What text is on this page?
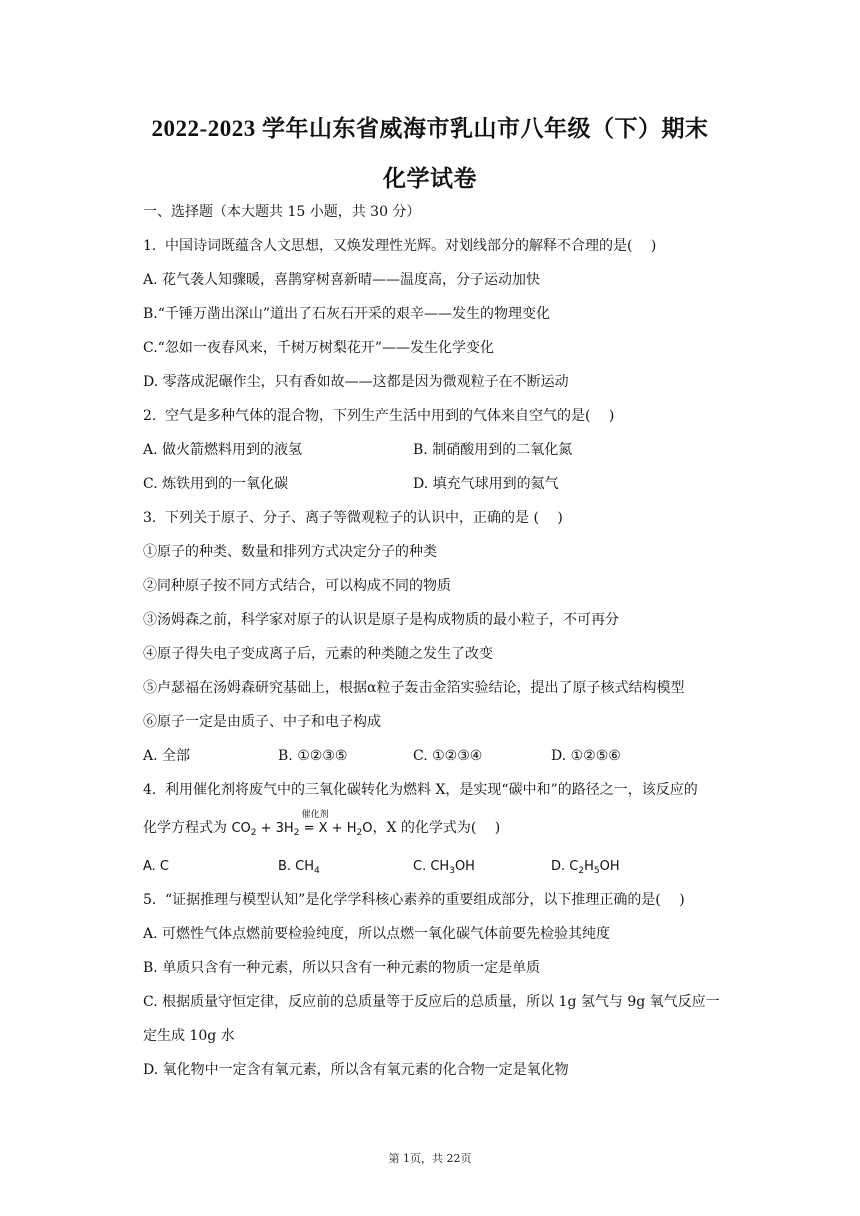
2022-2023 学年山东省威海市乳山市八年级（下）期末
化学试卷
一、选择题（本大题共 15 小题，共 30 分）
1. 中国诗词既蕴含人文思想，又焕发理性光辉。对划线部分的解释不合理的是(　 )
A. 花气袭人知骤暖，喜鹊穿树喜新晴——温度高，分子运动加快
B.“千锤万凿出深山”道出了石灰石开采的艰辛——发生的物理变化
C.“忽如一夜春风来，千树万树梨花开”——发生化学变化
D. 零落成泥碾作尘，只有香如故——这都是因为微观粒子在不断运动
2. 空气是多种气体的混合物，下列生产生活中用到的气体来自空气的是(　 )
A. 做火箭燃料用到的液氢	B. 制硝酸用到的二氧化氮
C. 炼铁用到的一氧化碳	D. 填充气球用到的氦气
3. 下列关于原子、分子、离子等微观粒子的认识中，正确的是 (　 )
①原子的种类、数量和排列方式决定分子的种类
②同种原子按不同方式结合，可以构成不同的物质
③汤姆森之前，科学家对原子的认识是原子是构成物质的最小粒子，不可再分
④原子得失电子变成离子后，元素的种类随之发生了改变
⑤卢瑟福在汤姆森研究基础上，根据α粒子轰击金箔实验结论，提出了原子核式结构模型
⑥原子一定是由质子、中子和电子构成
A. 全部	B. ①②③⑤	C. ①②③④	D. ①②⑤⑥
4. 利用催化剂将废气中的三氧化碳转化为燃料 X，是实现“碳中和”的路径之一，该反应的
化学方程式为 $CO_2 + 3H_2$
催化剂
= $X + H_2O$，X 的化学式为(　 )
A. C	B. $CH_4$	C. $CH_3OH$	D. $C_2H_5OH$
5. “证据推理与模型认知”是化学学科核心素养的重要组成部分，以下推理正确的是(　 )
A. 可燃性气体点燃前要检验纯度，所以点燃一氧化碳气体前要先检验其纯度
B. 单质只含有一种元素，所以只含有一种元素的物质一定是单质
C. 根据质量守恒定律，反应前的总质量等于反应后的总质量，所以 1g 氢气与 9g 氧气反应一
定生成 10g 水
D. 氧化物中一定含有氧元素，所以含有氧元素的化合物一定是氧化物
第 1页，共 22页
